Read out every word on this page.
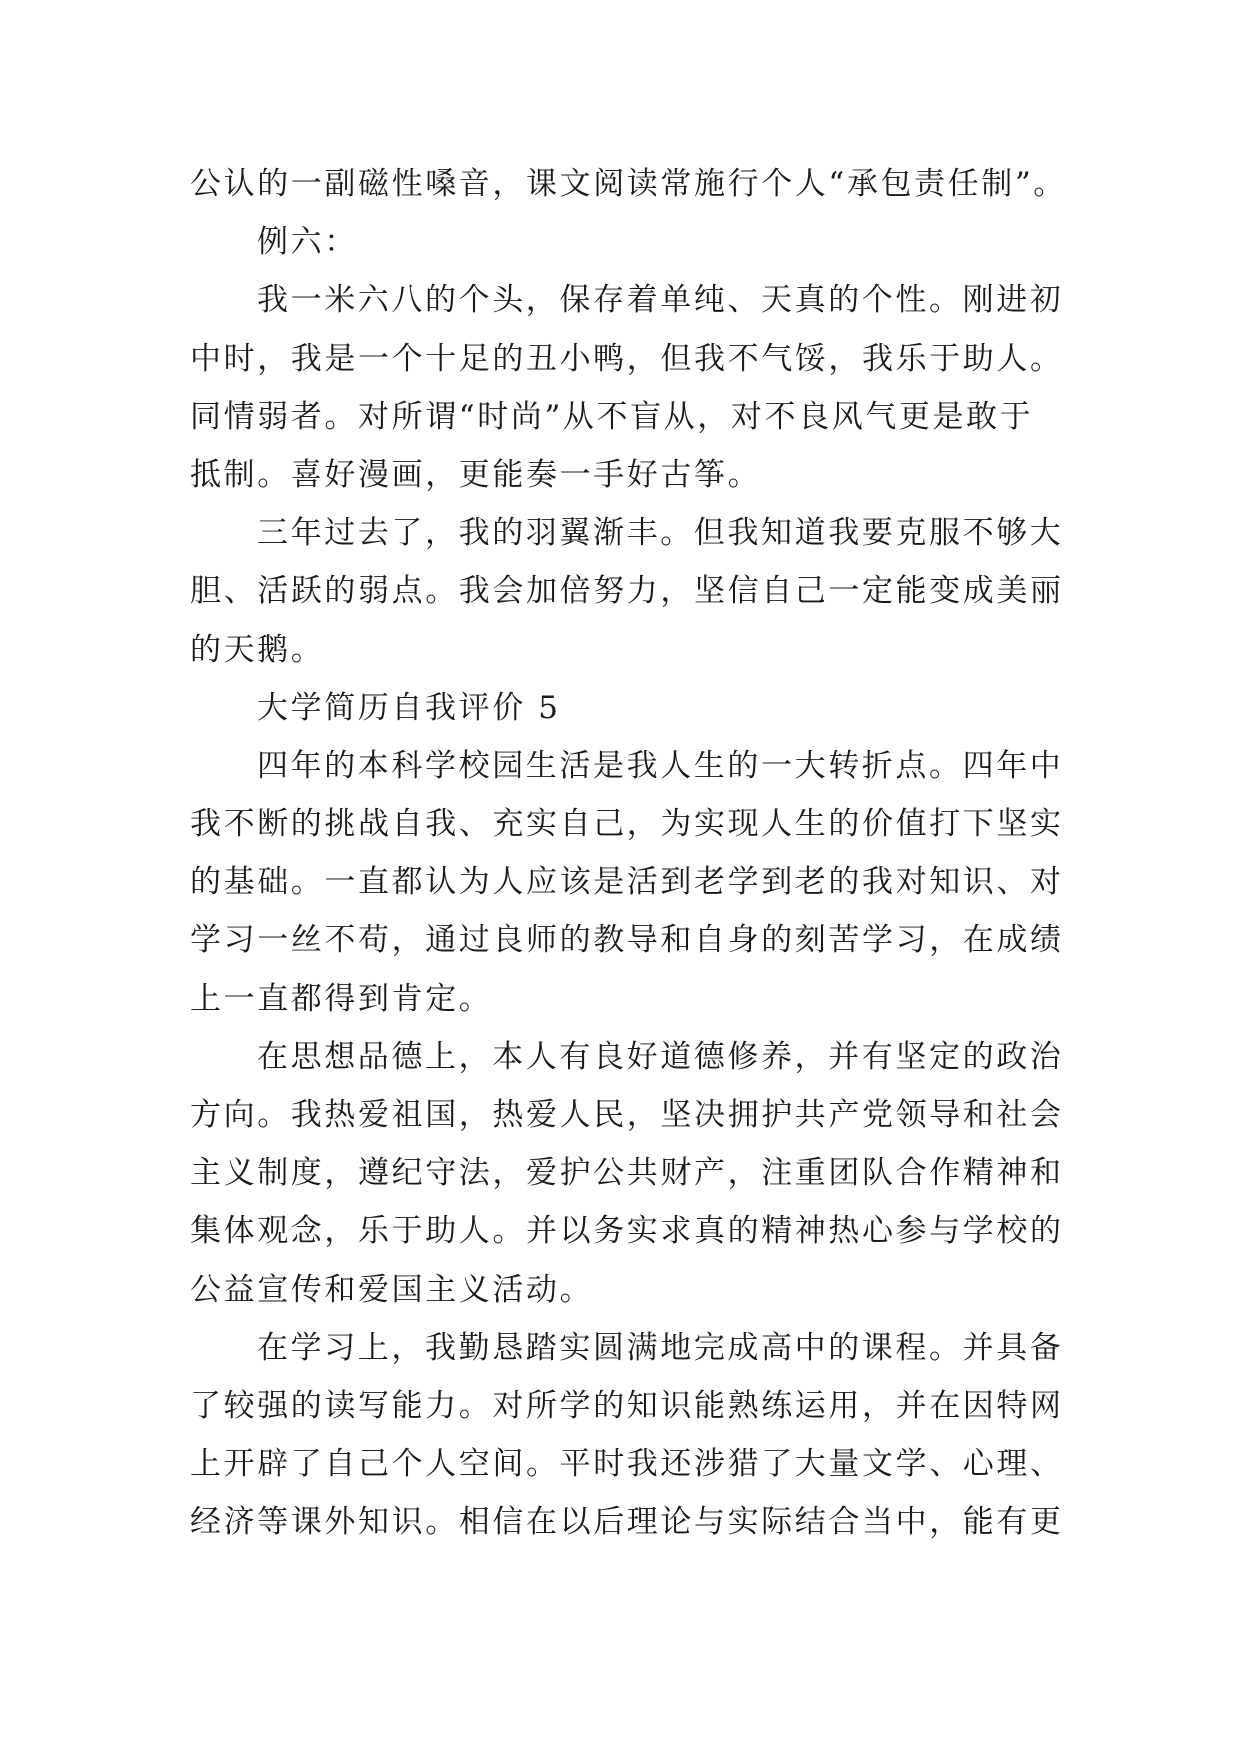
公认的一副磁性嗓音，课文阅读常施行个人“承包责任制”。
例六：
我一米六八的个头，保存着单纯、天真的个性。刚进初
中时，我是一个十足的丑小鸭，但我不气馁，我乐于助人。
同情弱者。对所谓“时尚”从不盲从，对不良风气更是敢于
抵制。喜好漫画，更能奏一手好古筝。
三年过去了，我的羽翼渐丰。但我知道我要克服不够大
胆、活跃的弱点。我会加倍努力，坚信自己一定能变成美丽
的天鹅。
大学简历自我评价 5
四年的本科学校园生活是我人生的一大转折点。四年中
我不断的挑战自我、充实自己，为实现人生的价值打下坚实
的基础。一直都认为人应该是活到老学到老的我对知识、对
学习一丝不苟，通过良师的教导和自身的刻苦学习，在成绩
上一直都得到肯定。
在思想品德上，本人有良好道德修养，并有坚定的政治
方向。我热爱祖国，热爱人民，坚决拥护共产党领导和社会
主义制度，遵纪守法，爱护公共财产，注重团队合作精神和
集体观念，乐于助人。并以务实求真的精神热心参与学校的
公益宣传和爱国主义活动。
在学习上，我勤恳踏实圆满地完成高中的课程。并具备
了较强的读写能力。对所学的知识能熟练运用，并在因特网
上开辟了自己个人空间。平时我还涉猎了大量文学、心理、
经济等课外知识。相信在以后理论与实际结合当中，能有更
